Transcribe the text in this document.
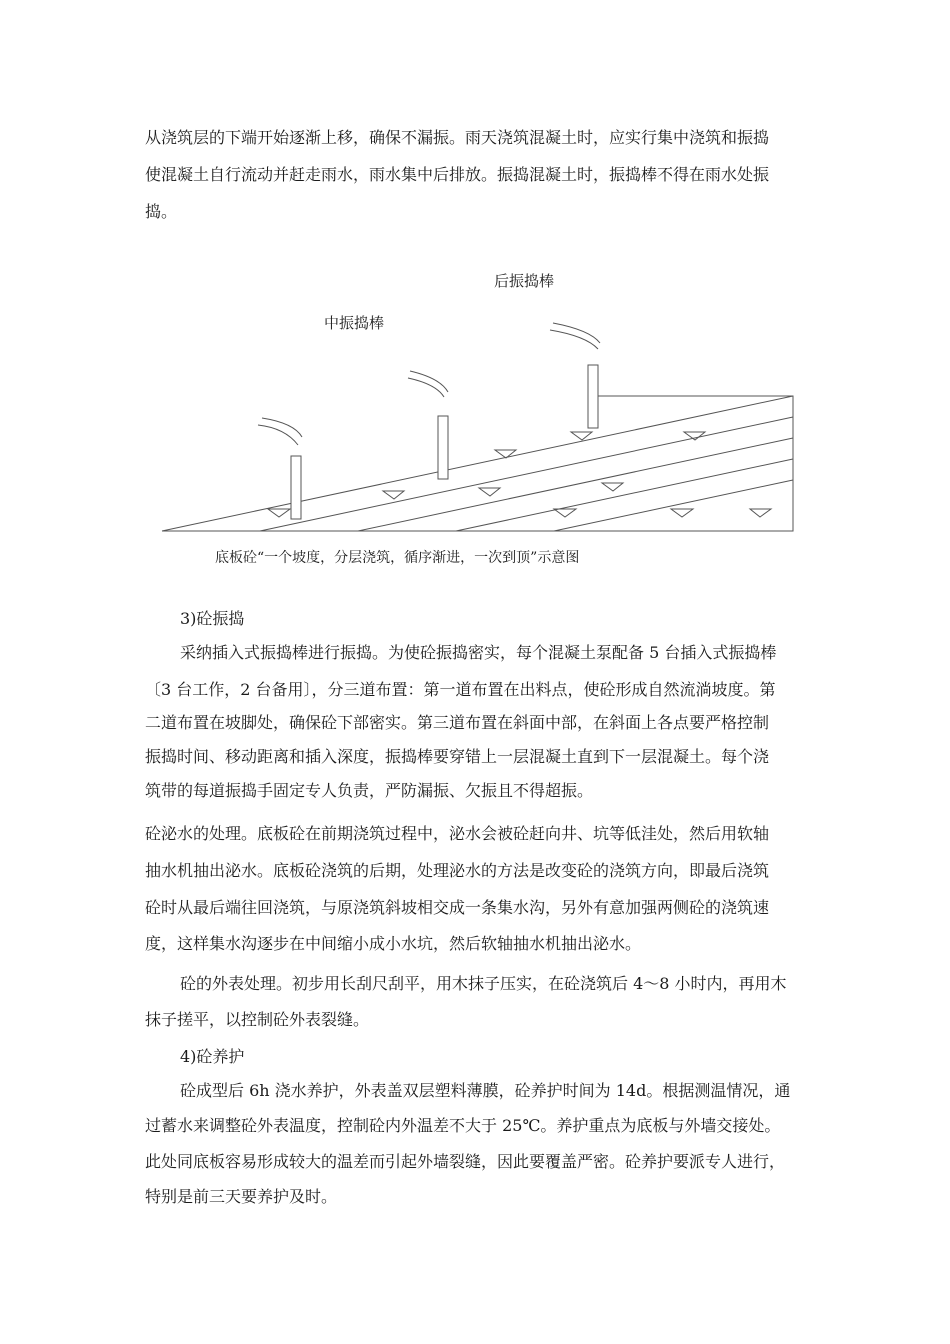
从浇筑层的下端开始逐渐上移，确保不漏振。雨天浇筑混凝土时，应实行集中浇筑和振捣

使混凝土自行流动并赶走雨水，雨水集中后排放。振捣混凝土时，振捣棒不得在雨水处振

捣。

后振捣棒
中振捣棒
底板砼“一个坡度，分层浇筑，循序渐进，一次到顶”示意图

3)砼振捣

采纳插入式振捣棒进行振捣。为使砼振捣密实，每个混凝土泵配备 5 台插入式振捣棒

〔3 台工作，2 台备用〕，分三道布置：第一道布置在出料点，使砼形成自然流淌坡度。第

二道布置在坡脚处，确保砼下部密实。第三道布置在斜面中部，在斜面上各点要严格控制

振捣时间、移动距离和插入深度，振捣棒要穿错上一层混凝土直到下一层混凝土。每个浇

筑带的每道振捣手固定专人负责，严防漏振、欠振且不得超振。

砼泌水的处理。底板砼在前期浇筑过程中，泌水会被砼赶向井、坑等低洼处，然后用软轴

抽水机抽出泌水。底板砼浇筑的后期，处理泌水的方法是改变砼的浇筑方向，即最后浇筑

砼时从最后端往回浇筑，与原浇筑斜坡相交成一条集水沟，另外有意加强两侧砼的浇筑速

度，这样集水沟逐步在中间缩小成小水坑，然后软轴抽水机抽出泌水。

砼的外表处理。初步用长刮尺刮平，用木抹子压实，在砼浇筑后 4～8 小时内，再用木

抹子搓平，以控制砼外表裂缝。

4)砼养护

砼成型后 6h 浇水养护，外表盖双层塑料薄膜，砼养护时间为 14d。根据测温情况，通

过蓄水来调整砼外表温度，控制砼内外温差不大于 25℃。养护重点为底板与外墙交接处。

此处同底板容易形成较大的温差而引起外墙裂缝，因此要覆盖严密。砼养护要派专人进行，

特别是前三天要养护及时。
